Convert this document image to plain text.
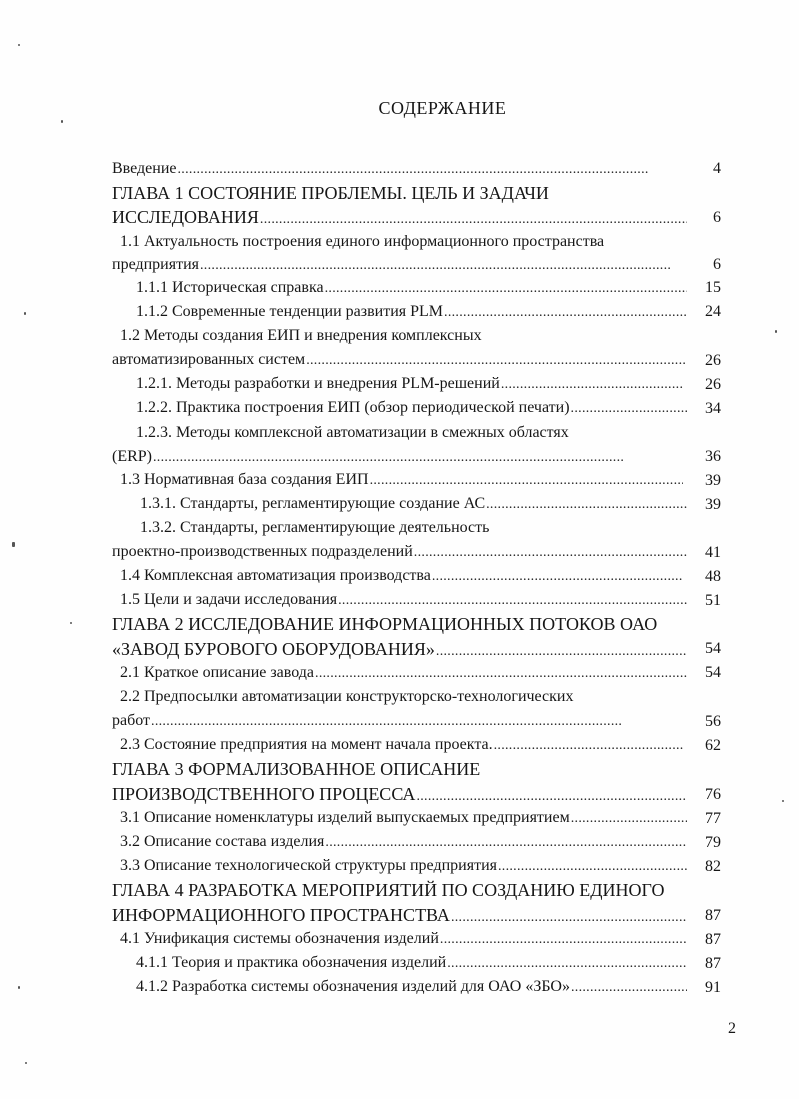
СОДЕРЖАНИЕ
Введение . . .	4
ГЛАВА 1 СОСТОЯНИЕ ПРОБЛЕМЫ. ЦЕЛЬ И ЗАДАЧИ
ИССЛЕДОВАНИЯ . . .	6
1.1 Актуальность построения единого информационного пространства
предприятия . . .	6
1.1.1 Историческая справка . . .	15
1.1.2 Современные тенденции развития PLM . . .	24
1.2 Методы создания ЕИП и внедрения комплексных
автоматизированных систем . . .	26
1.2.1. Методы разработки и внедрения PLM-решений . . .	26
1.2.2. Практика построения ЕИП (обзор периодической печати) . . .	34
1.2.3. Методы комплексной автоматизации в смежных областях
(ERP) . . .	36
1.3 Нормативная база создания ЕИП . . .	39
1.3.1. Стандарты, регламентирующие создание АС . . .	39
1.3.2. Стандарты, регламентирующие деятельность
проектно-производственных подразделений . . .	41
1.4 Комплексная автоматизация производства . . .	48
1.5 Цели и задачи исследования . . .	51
ГЛАВА 2 ИССЛЕДОВАНИЕ ИНФОРМАЦИОННЫХ ПОТОКОВ ОАО
«ЗАВОД БУРОВОГО ОБОРУДОВАНИЯ» . . .	54
2.1 Краткое описание завода . . .	54
2.2 Предпосылки автоматизации конструкторско-технологических
работ . . .	56
2.3 Состояние предприятия на момент начала проекта. . . .	62
ГЛАВА 3 ФОРМАЛИЗОВАННОЕ ОПИСАНИЕ
ПРОИЗВОДСТВЕННОГО ПРОЦЕССА . . .	76
3.1 Описание номенклатуры изделий выпускаемых предприятием . . .	77
3.2 Описание состава изделия . . .	79
3.3 Описание технологической структуры предприятия . . .	82
ГЛАВА 4 РАЗРАБОТКА МЕРОПРИЯТИЙ ПО СОЗДАНИЮ ЕДИНОГО
ИНФОРМАЦИОННОГО ПРОСТРАНСТВА . . .	87
4.1 Унификация системы обозначения изделий . . .	87
4.1.1 Теория и практика обозначения изделий . . .	87
4.1.2 Разработка системы обозначения изделий для ОАО «ЗБО» . . .	91
2
